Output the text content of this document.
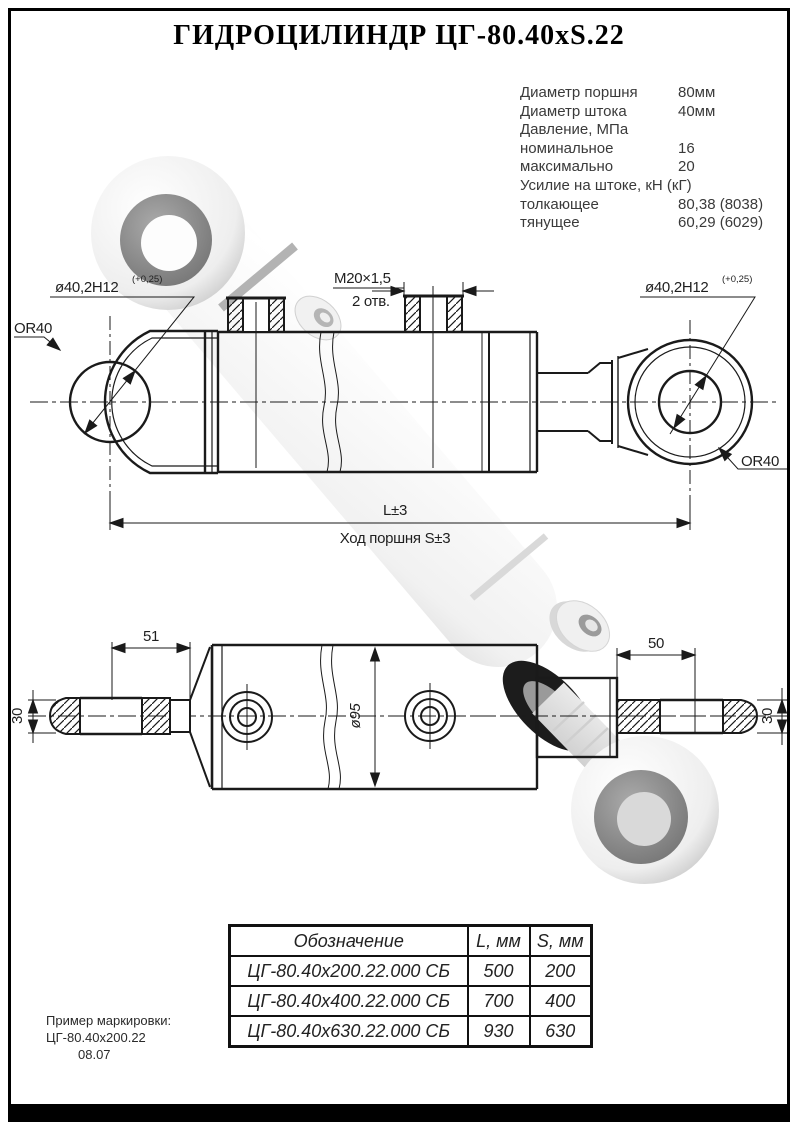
ø40,2H12 (+0,25)	ø40,2H12 (+0,25)
OR40
OR40
M20×1,5
2 отв.
L±3
Ход поршня S±3
51	50
30	30
ø95
ГИДРОЦИЛИНДР ЦГ-80.40xS.22
Диаметр поршня	80мм
Диаметр штока	40мм
Давление, МПа
номинальное	16
максимально	20
Усилие на штоке, кН (кГ)
толкающее	80,38 (8038)
тянущее	60,29 (6029)
Обозначение	L, мм	S, мм
ЦГ-80.40х200.22.000 СБ	500	200
ЦГ-80.40х400.22.000 СБ	700	400
ЦГ-80.40х630.22.000 СБ	930	630
Пример маркировки:
ЦГ-80.40х200.22
08.07
